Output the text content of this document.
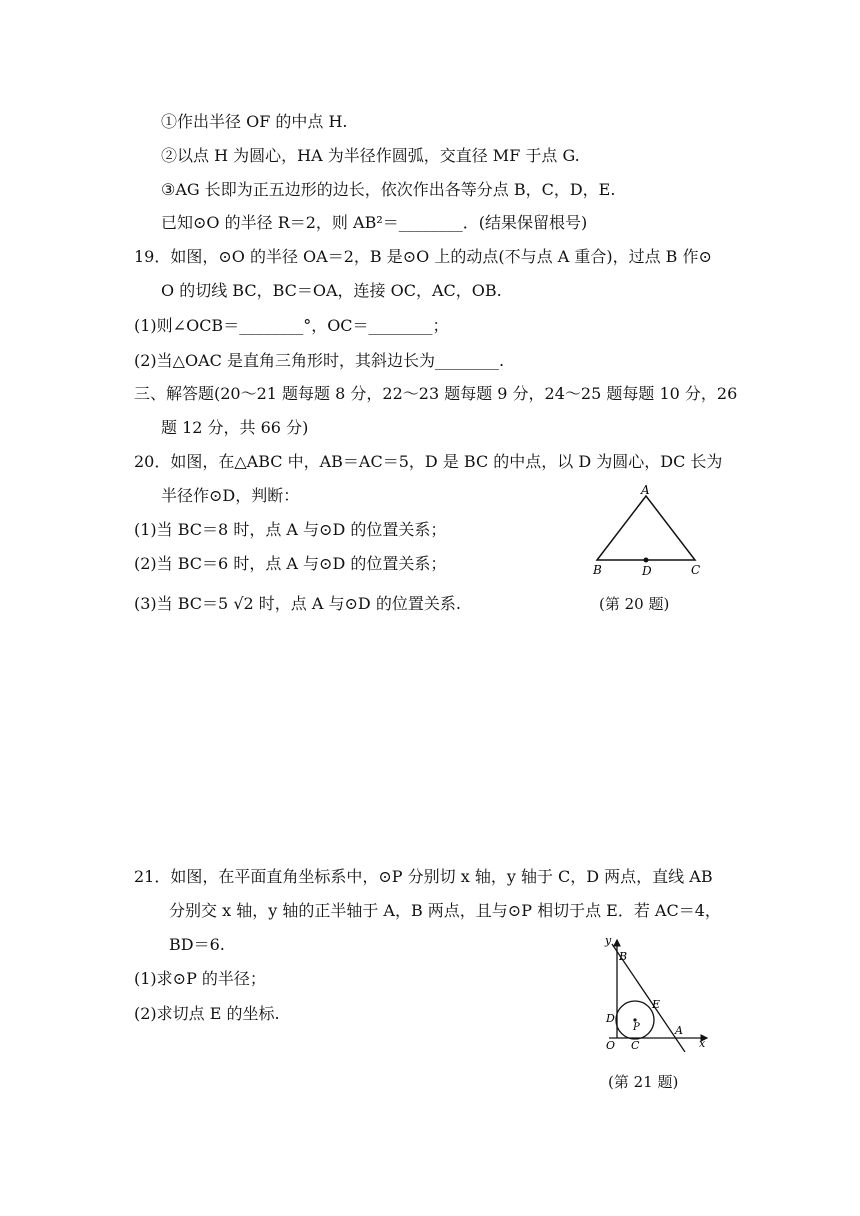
①作出半径 OF 的中点 H.
②以点 H 为圆心，HA 为半径作圆弧，交直径 MF 于点 G.
③AG 长即为正五边形的边长，依次作出各等分点 B，C，D，E.
已知⊙O 的半径 R＝2，则 AB²＝________．(结果保留根号)
19．如图，⊙O 的半径 OA＝2，B 是⊙O 上的动点(不与点 A 重合)，过点 B 作⊙
O 的切线 BC，BC＝OA，连接 OC，AC，OB.
(1)则∠OCB＝________°，OC＝________；
(2)当△OAC 是直角三角形时，其斜边长为________.
三、解答题(20～21 题每题 8 分，22～23 题每题 9 分，24～25 题每题 10 分，26
题 12 分，共 66 分)
20．如图，在△ABC 中，AB＝AC＝5，D 是 BC 的中点，以 D 为圆心，DC 长为
半径作⊙D，判断：
(1)当 BC＝8 时，点 A 与⊙D 的位置关系；
(2)当 BC＝6 时，点 A 与⊙D 的位置关系；
(3)当 BC＝5 √2 时，点 A 与⊙D 的位置关系.
A
B	D	C
(第 20 题)
21．如图，在平面直角坐标系中，⊙P 分别切 x 轴，y 轴于 C，D 两点，直线 AB
分别交 x 轴，y 轴的正半轴于 A，B 两点，且与⊙P 相切于点 E．若 AC＝4，
BD＝6.
(1)求⊙P 的半径；
(2)求切点 E 的坐标.
y
x
B
E
D
P	A
O C
(第 21 题)
